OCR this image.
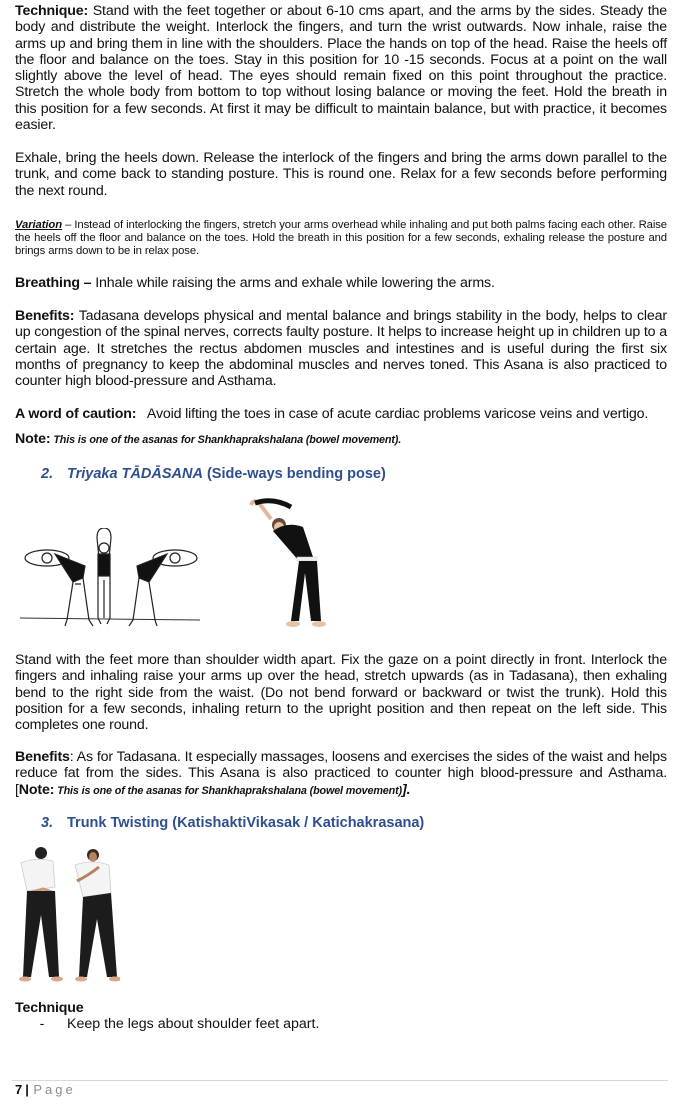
Technique: Stand with the feet together or about 6-10 cms apart, and the arms by the sides. Steady the body and distribute the weight. Interlock the fingers, and turn the wrist outwards. Now inhale, raise the arms up and bring them in line with the shoulders. Place the hands on top of the head. Raise the heels off the floor and balance on the toes. Stay in this position for 10 -15 seconds. Focus at a point on the wall slightly above the level of head. The eyes should remain fixed on this point throughout the practice. Stretch the whole body from bottom to top without losing balance or moving the feet. Hold the breath in this position for a few seconds. At first it may be difficult to maintain balance, but with practice, it becomes easier.

Exhale, bring the heels down. Release the interlock of the fingers and bring the arms down parallel to the trunk, and come back to standing posture. This is round one. Relax for a few seconds before performing the next round.

Variation – Instead of interlocking the fingers, stretch your arms overhead while inhaling and put both palms facing each other. Raise the heels off the floor and balance on the toes. Hold the breath in this position for a few seconds, exhaling release the posture and brings arms down to be in relax pose.

Breathing – Inhale while raising the arms and exhale while lowering the arms.

Benefits: Tadasana develops physical and mental balance and brings stability in the body, helps to clear up congestion of the spinal nerves, corrects faulty posture. It helps to increase height up in children up to a certain age. It stretches the rectus abdomen muscles and intestines and is useful during the first six months of pregnancy to keep the abdominal muscles and nerves toned. This Asana is also practiced to counter high blood-pressure and Asthama.

A word of caution:   Avoid lifting the toes in case of acute cardiac problems varicose veins and vertigo.

Note: This is one of the asanas for Shankhaprakshalana (bowel movement).

2. Triyaka TĀDĀSANA (Side-ways bending pose)

Stand with the feet more than shoulder width apart. Fix the gaze on a point directly in front. Interlock the fingers and inhaling raise your arms up over the head, stretch upwards (as in Tadasana), then exhaling bend to the right side from the waist. (Do not bend forward or backward or twist the trunk). Hold this position for a few seconds, inhaling return to the upright position and then repeat on the left side. This completes one round.

Benefits: As for Tadasana. It especially massages, loosens and exercises the sides of the waist and helps reduce fat from the sides. This Asana is also practiced to counter high blood-pressure and Asthama. [Note: This is one of the asanas for Shankhaprakshalana (bowel movement)].

3. Trunk Twisting (KatishaktiVikasak / Katichakrasana)

Technique

- Keep the legs about shoulder feet apart.
7 | Page
